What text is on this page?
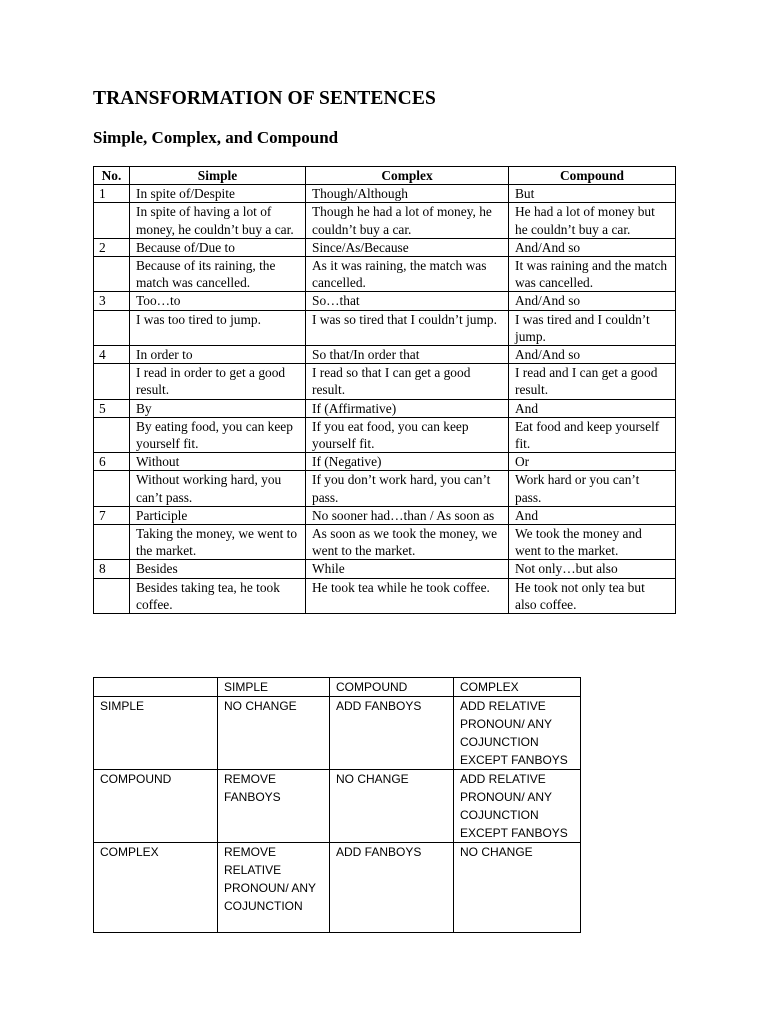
TRANSFORMATION OF SENTENCES
Simple, Complex, and Compound
No.	Simple	Complex	Compound
1	In spite of/Despite	Though/Although	But
	In spite of having a lot of money, he couldn’t buy a car.	Though he had a lot of money, he couldn’t buy a car.	He had a lot of money but he couldn’t buy a car.
2	Because of/Due to	Since/As/Because	And/And so
	Because of its raining, the match was cancelled.	As it was raining, the match was cancelled.	It was raining and the match was cancelled.
3	Too…to	So…that	And/And so
	I was too tired to jump.	I was so tired that I couldn’t jump.	I was tired and I couldn’t jump.
4	In order to	So that/In order that	And/And so
	I read in order to get a good result.	I read so that I can get a good result.	I read and I can get a good result.
5	By	If (Affirmative)	And
	By eating food, you can keep yourself fit.	If you eat food, you can keep yourself fit.	Eat food and keep yourself fit.
6	Without	If (Negative)	Or
	Without working hard, you can’t pass.	If you don’t work hard, you can’t pass.	Work hard or you can’t pass.
7	Participle	No sooner had…than / As soon as	And
	Taking the money, we went to the market.	As soon as we took the money, we went to the market.	We took the money and went to the market.
8	Besides	While	Not only…but also
	Besides taking tea, he took coffee.	He took tea while he took coffee.	He took not only tea but also coffee.
	SIMPLE	COMPOUND	COMPLEX
SIMPLE	NO CHANGE	ADD FANBOYS	ADD RELATIVE PRONOUN/ ANY COJUNCTION EXCEPT FANBOYS
COMPOUND	REMOVE FANBOYS	NO CHANGE	ADD RELATIVE PRONOUN/ ANY COJUNCTION EXCEPT FANBOYS
COMPLEX	REMOVE RELATIVE PRONOUN/ ANY COJUNCTION	ADD FANBOYS	NO CHANGE
